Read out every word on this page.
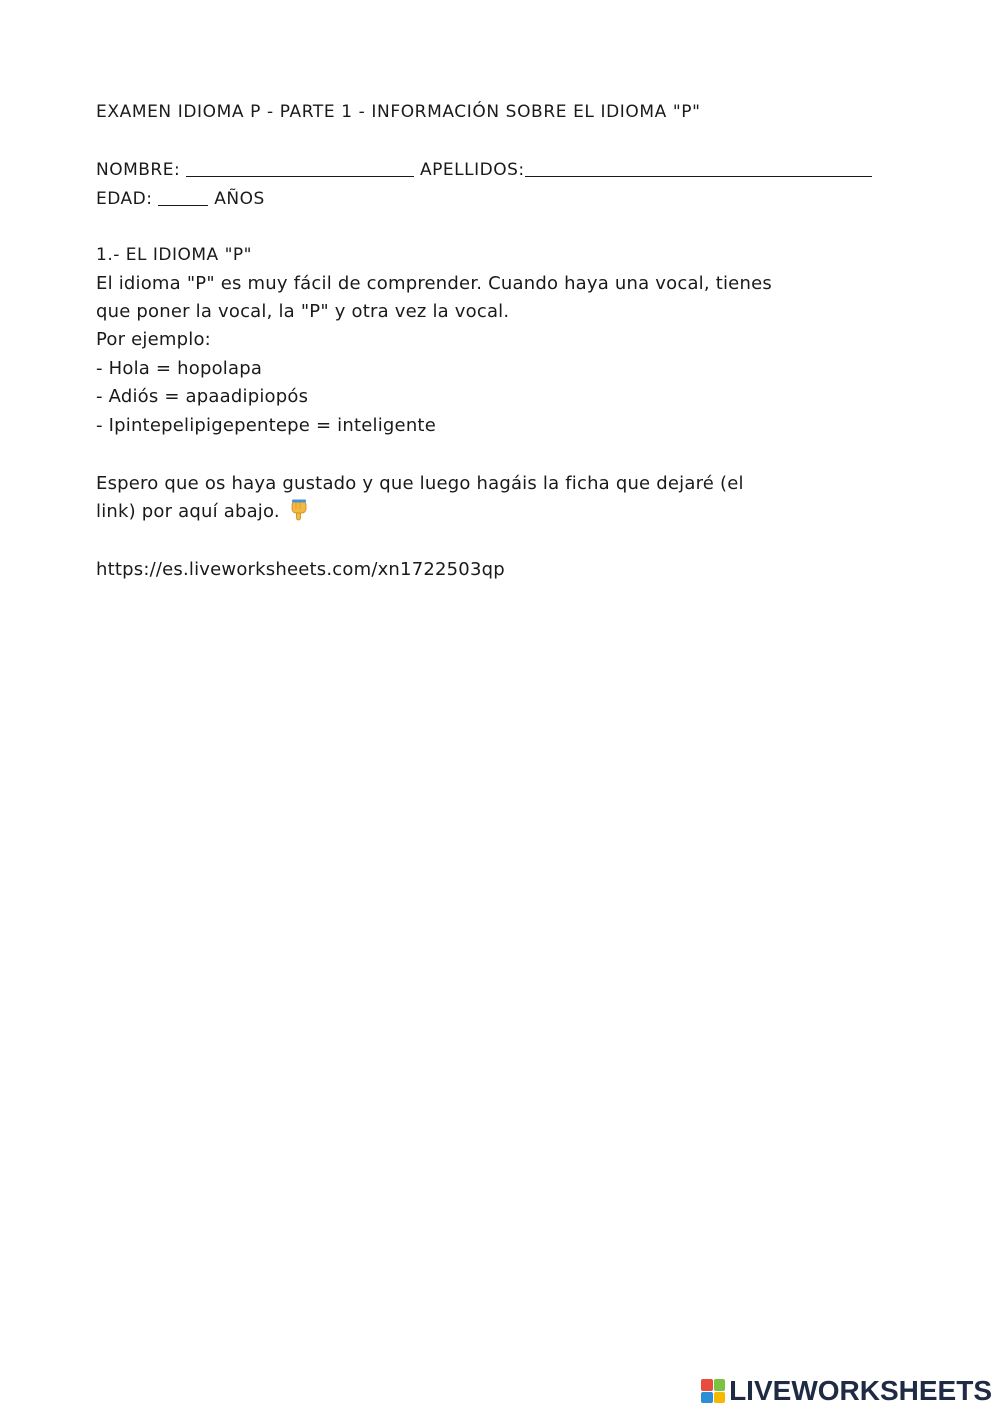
EXAMEN IDIOMA P - PARTE 1 - INFORMACIÓN SOBRE EL IDIOMA "P"
NOMBRE:	APELLIDOS:
EDAD:	AÑOS
1.- EL IDIOMA "P"
El idioma "P" es muy fácil de comprender. Cuando haya una vocal, tienes
que poner la vocal, la "P" y otra vez la vocal.
Por ejemplo:
- Hola = hopolapa
- Adiós = apaadipiopós
- Ipintepelipigepentepe = inteligente
Espero que os haya gustado y que luego hagáis la ficha que dejaré (el
link) por aquí abajo.
https://es.liveworksheets.com/xn1722503qp
LIVEWORKSHEETS
